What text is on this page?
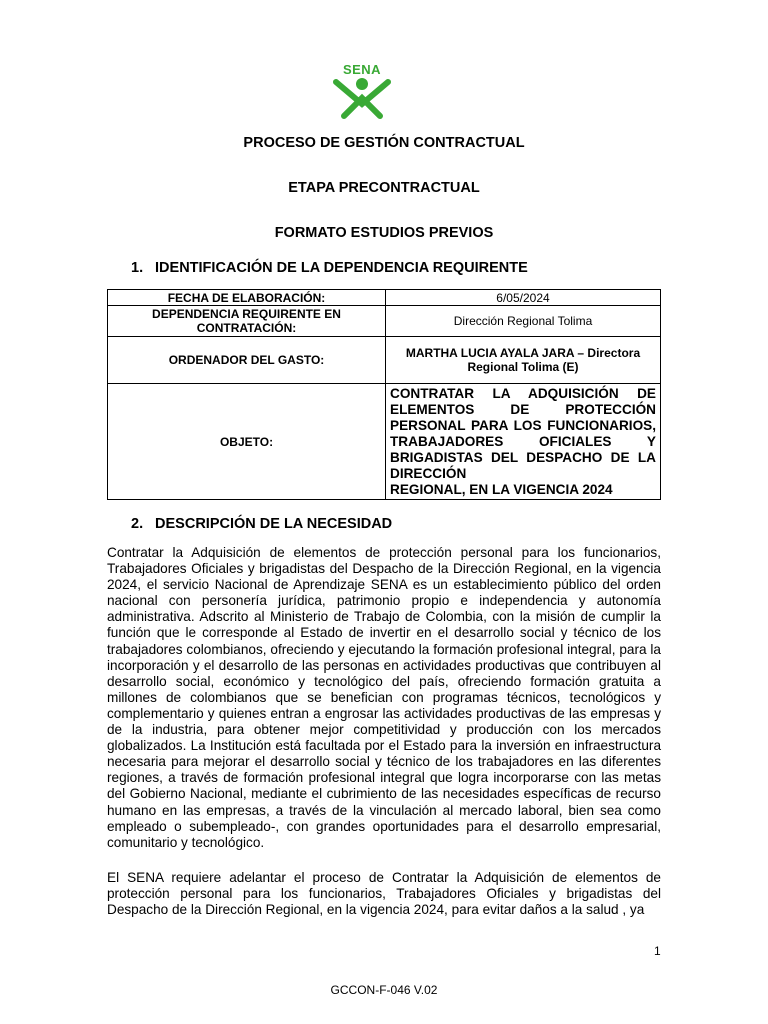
SENA
PROCESO DE GESTIÓN CONTRACTUAL
ETAPA PRECONTRACTUAL
FORMATO ESTUDIOS PREVIOS
1. IDENTIFICACIÓN DE LA DEPENDENCIA REQUIRENTE
FECHA DE ELABORACIÓN:	6/05/2024
DEPENDENCIA REQUIRENTE EN CONTRATACIÓN:	Dirección Regional Tolima
ORDENADOR DEL GASTO:	MARTHA LUCIA AYALA JARA – Directora Regional Tolima (E)
OBJETO:	CONTRATAR LA ADQUISICIÓN DE ELEMENTOS DE PROTECCIÓN PERSONAL PARA LOS FUNCIONARIOS, TRABAJADORES OFICIALES Y BRIGADISTAS DEL DESPACHO DE LA DIRECCIÓN
REGIONAL, EN LA VIGENCIA 2024
2. DESCRIPCIÓN DE LA NECESIDAD
Contratar la Adquisición de elementos de protección personal para los funcionarios, Trabajadores Oficiales y brigadistas del Despacho de la Dirección Regional, en la vigencia 2024, el servicio Nacional de Aprendizaje SENA es un establecimiento público del orden nacional con personería jurídica, patrimonio propio e independencia y autonomía administrativa. Adscrito al Ministerio de Trabajo de Colombia, con la misión de cumplir la función que le corresponde al Estado de invertir en el desarrollo social y técnico de los trabajadores colombianos, ofreciendo y ejecutando la formación profesional integral, para la incorporación y el desarrollo de las personas en actividades productivas que contribuyen al desarrollo social, económico y tecnológico del país, ofreciendo formación gratuita a millones de colombianos que se benefician con programas técnicos, tecnológicos y complementario y quienes entran a engrosar las actividades productivas de las empresas y de la industria, para obtener mejor competitividad y producción con los mercados globalizados. La Institución está facultada por el Estado para la inversión en infraestructura necesaria para mejorar el desarrollo social y técnico de los trabajadores en las diferentes regiones, a través de formación profesional integral que logra incorporarse con las metas del Gobierno Nacional, mediante el cubrimiento de las necesidades específicas de recurso humano en las empresas, a través de la vinculación al mercado laboral, bien sea como empleado o subempleado-, con grandes oportunidades para el desarrollo empresarial, comunitario y tecnológico.
El SENA requiere adelantar el proceso de Contratar la Adquisición de elementos de protección personal para los funcionarios, Trabajadores Oficiales y brigadistas del Despacho de la Dirección Regional, en la vigencia 2024, para evitar daños a la salud , ya
1
GCCON-F-046 V.02
